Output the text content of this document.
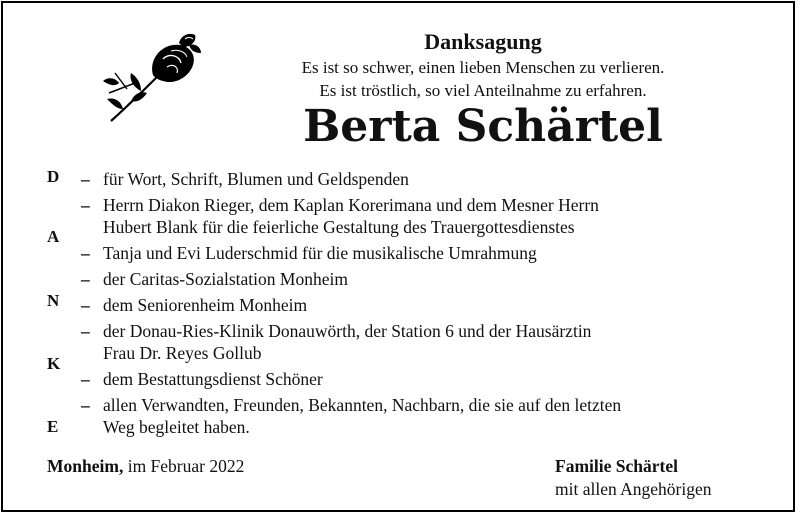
Danksagung
Es ist so schwer, einen lieben Menschen zu verlieren.
Es ist tröstlich, so viel Anteilnahme zu erfahren.
Berta Schärtel
D
A
N
K
E
– für Wort, Schrift, Blumen und Geldspenden
– Herrn Diakon Rieger, dem Kaplan Korerimana und dem Mesner Herrn
Hubert Blank für die feierliche Gestaltung des Trauergottesdienstes
– Tanja und Evi Luderschmid für die musikalische Umrahmung
– der Caritas-Sozialstation Monheim
– dem Seniorenheim Monheim
– der Donau-Ries-Klinik Donauwörth, der Station 6 und der Hausärztin
Frau Dr. Reyes Gollub
– dem Bestattungsdienst Schöner
– allen Verwandten, Freunden, Bekannten, Nachbarn, die sie auf den letzten
Weg begleitet haben.
Monheim, im Februar 2022	Familie Schärtel
mit allen Angehörigen
